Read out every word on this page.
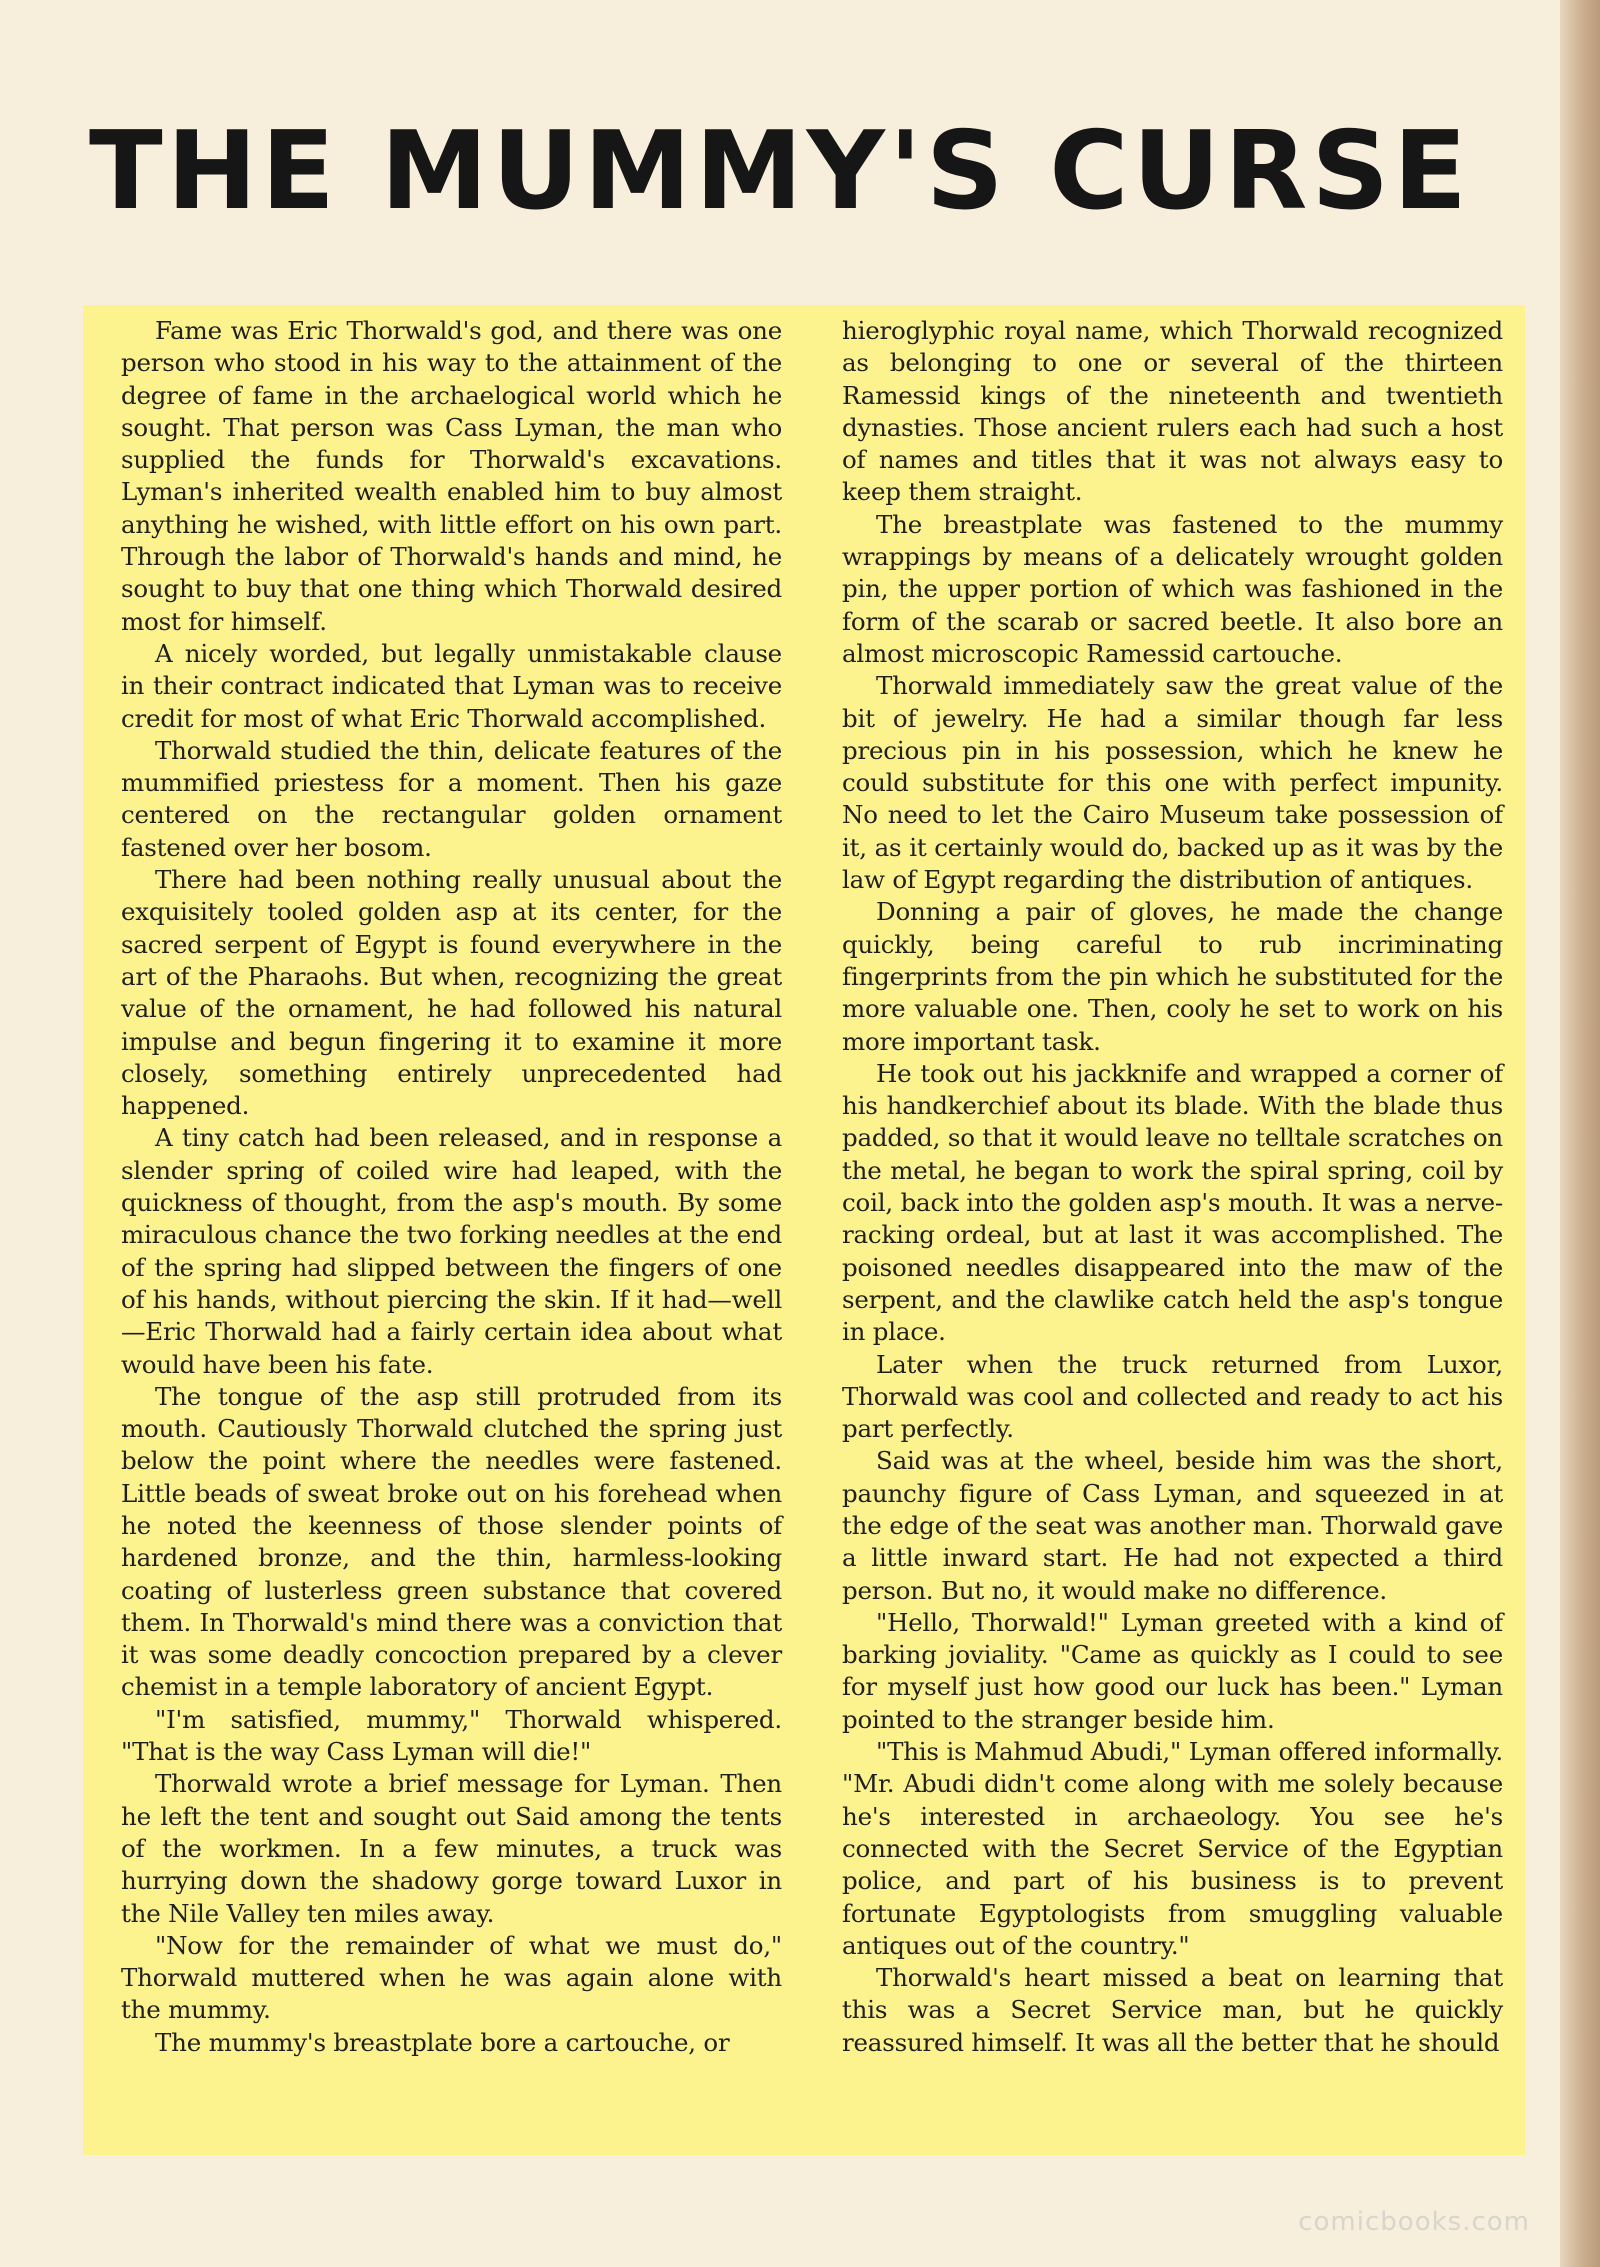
THE MUMMY'S CURSE

Fame was Eric Thorwald's god, and there was one person who stood in his way to the attainment of the degree of fame in the archaelogical world which he sought. That person was Cass Lyman, the man who supplied the funds for Thorwald's excavations. Lyman's inherited wealth enabled him to buy almost anything he wished, with little effort on his own part. Through the labor of Thorwald's hands and mind, he sought to buy that one thing which Thorwald desired most for himself.

A nicely worded, but legally unmistakable clause in their contract indicated that Lyman was to receive credit for most of what Eric Thorwald accomplished.

Thorwald studied the thin, delicate features of the mummified priestess for a moment. Then his gaze centered on the rectangular golden ornament fastened over her bosom.

There had been nothing really unusual about the exquisitely tooled golden asp at its center, for the sacred serpent of Egypt is found everywhere in the art of the Pharaohs. But when, recognizing the great value of the ornament, he had followed his natural impulse and begun fingering it to examine it more closely, something entirely unprecedented had happened.

A tiny catch had been released, and in response a slender spring of coiled wire had leaped, with the quickness of thought, from the asp's mouth. By some miraculous chance the two forking needles at the end of the spring had slipped between the fingers of one of his hands, without piercing the skin. If it had—well—Eric Thorwald had a fairly certain idea about what would have been his fate.

The tongue of the asp still protruded from its mouth. Cautiously Thorwald clutched the spring just below the point where the needles were fastened. Little beads of sweat broke out on his forehead when he noted the keenness of those slender points of hardened bronze, and the thin, harmless-looking coating of lusterless green substance that covered them. In Thorwald's mind there was a conviction that it was some deadly concoction prepared by a clever chemist in a temple laboratory of ancient Egypt.

"I'm satisfied, mummy," Thorwald whispered. "That is the way Cass Lyman will die!"

Thorwald wrote a brief message for Lyman. Then he left the tent and sought out Said among the tents of the workmen. In a few minutes, a truck was hurrying down the shadowy gorge toward Luxor in the Nile Valley ten miles away.

"Now for the remainder of what we must do," Thorwald muttered when he was again alone with the mummy.

The mummy's breastplate bore a cartouche, or

hieroglyphic royal name, which Thorwald recognized as belonging to one or several of the thirteen Ramessid kings of the nineteenth and twentieth dynasties. Those ancient rulers each had such a host of names and titles that it was not always easy to keep them straight.

The breastplate was fastened to the mummy wrappings by means of a delicately wrought golden pin, the upper portion of which was fashioned in the form of the scarab or sacred beetle. It also bore an almost microscopic Ramessid cartouche.

Thorwald immediately saw the great value of the bit of jewelry. He had a similar though far less precious pin in his possession, which he knew he could substitute for this one with perfect impunity. No need to let the Cairo Museum take possession of it, as it certainly would do, backed up as it was by the law of Egypt regarding the distribution of antiques.

Donning a pair of gloves, he made the change quickly, being careful to rub incriminating fingerprints from the pin which he substituted for the more valuable one. Then, cooly he set to work on his more important task.

He took out his jackknife and wrapped a corner of his handkerchief about its blade. With the blade thus padded, so that it would leave no telltale scratches on the metal, he began to work the spiral spring, coil by coil, back into the golden asp's mouth. It was a nerve-racking ordeal, but at last it was accomplished. The poisoned needles disappeared into the maw of the serpent, and the clawlike catch held the asp's tongue in place.

Later when the truck returned from Luxor, Thorwald was cool and collected and ready to act his part perfectly.

Said was at the wheel, beside him was the short, paunchy figure of Cass Lyman, and squeezed in at the edge of the seat was another man. Thorwald gave a little inward start. He had not expected a third person. But no, it would make no difference.

"Hello, Thorwald!" Lyman greeted with a kind of barking joviality. "Came as quickly as I could to see for myself just how good our luck has been." Lyman pointed to the stranger beside him.

"This is Mahmud Abudi," Lyman offered informally. "Mr. Abudi didn't come along with me solely because he's interested in archaeology. You see he's connected with the Secret Service of the Egyptian police, and part of his business is to prevent fortunate Egyptologists from smuggling valuable antiques out of the country."

Thorwald's heart missed a beat on learning that this was a Secret Service man, but he quickly reassured himself. It was all the better that he should

comicbooks.com
